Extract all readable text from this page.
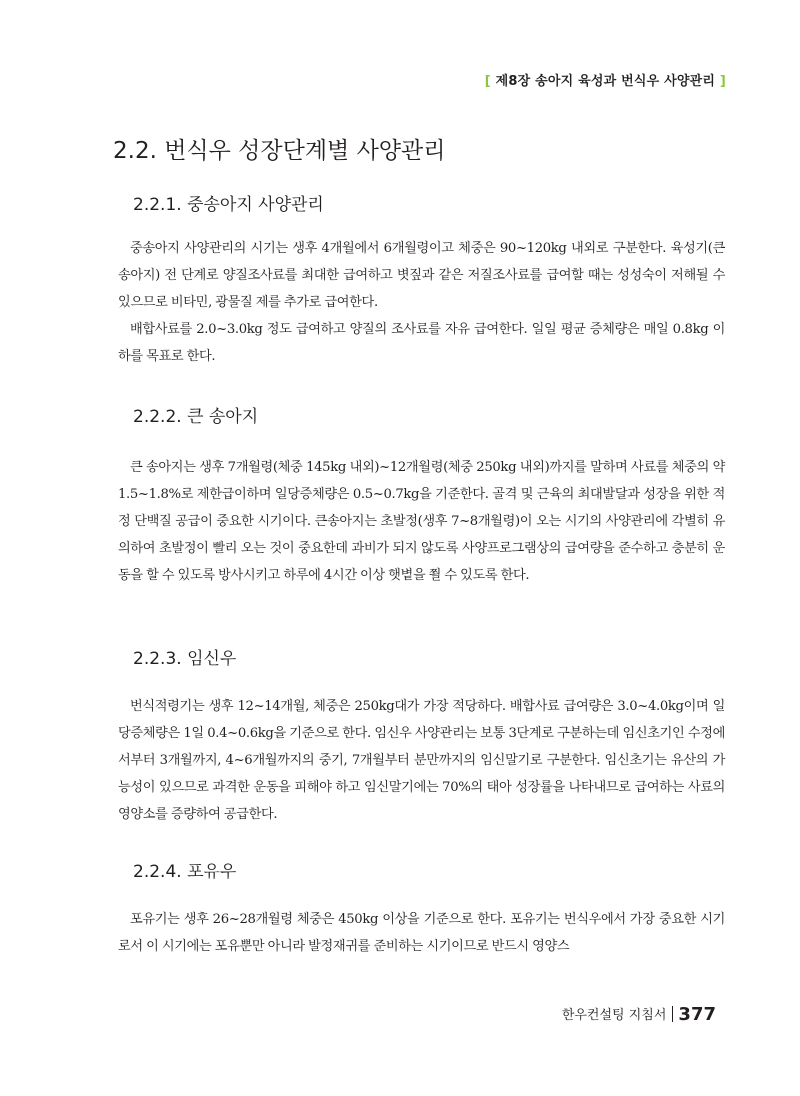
[ 제8장 송아지 육성과 번식우 사양관리 ]
2.2. 번식우 성장단계별 사양관리
2.2.1. 중송아지 사양관리

중송아지 사양관리의 시기는 생후 4개월에서 6개월령이고 체중은 90~120kg 내외로 구분한다. 육성기(큰송아지) 전 단계로 양질조사료를 최대한 급여하고 볏짚과 같은 저질조사료를 급여할 때는 성성숙이 저해될 수 있으므로 비타민, 광물질 제를 추가로 급여한다.

배합사료를 2.0~3.0kg 정도 급여하고 양질의 조사료를 자유 급여한다. 일일 평균 증체량은 매일 0.8kg 이하를 목표로 한다.

2.2.2. 큰 송아지

큰 송아지는 생후 7개월령(체중 145kg 내외)~12개월령(체중 250kg 내외)까지를 말하며 사료를 체중의 약 1.5~1.8%로 제한급이하며 일당증체량은 0.5~0.7kg을 기준한다. 골격 및 근육의 최대발달과 성장을 위한 적정 단백질 공급이 중요한 시기이다. 큰송아지는 초발정(생후 7~8개월령)이 오는 시기의 사양관리에 각별히 유의하여 초발정이 빨리 오는 것이 중요한데 과비가 되지 않도록 사양프로그램상의 급여량을 준수하고 충분히 운동을 할 수 있도록 방사시키고 하루에 4시간 이상 햇볕을 쬘 수 있도록 한다.

2.2.3. 임신우

번식적령기는 생후 12~14개월, 체중은 250kg대가 가장 적당하다. 배합사료 급여량은 3.0~4.0kg이며 일당증체량은 1일 0.4~0.6kg을 기준으로 한다. 임신우 사양관리는 보통 3단계로 구분하는데 임신초기인 수정에서부터 3개월까지, 4~6개월까지의 중기, 7개월부터 분만까지의 임신말기로 구분한다. 임신초기는 유산의 가능성이 있으므로 과격한 운동을 피해야 하고 임신말기에는 70%의 태아 성장률을 나타내므로 급여하는 사료의 영양소를 증량하여 공급한다.

2.2.4. 포유우

포유기는 생후 26~28개월령 체중은 450kg 이상을 기준으로 한다. 포유기는 번식우에서 가장 중요한 시기로서 이 시기에는 포유뿐만 아니라 발정재귀를 준비하는 시기이므로 반드시 영양스

한우컨설팅 지침서 377
